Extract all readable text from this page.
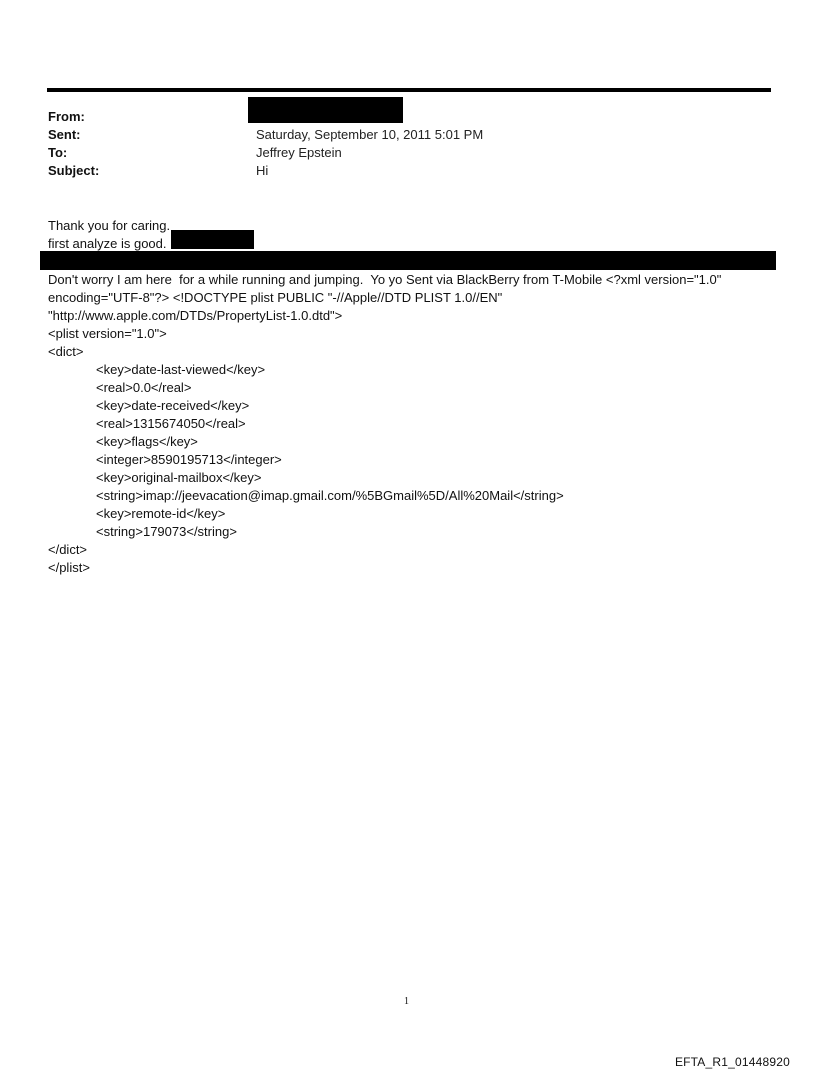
From:
Sent:	Saturday, September 10, 2011 5:01 PM
To:	Jeffrey Epstein
Subject:	Hi
Thank you for caring.
first analyze is good.
Don't worry I am here  for a while running and jumping.  Yo yo Sent via BlackBerry from T-Mobile <?xml version="1.0"
encoding="UTF-8"?> <!DOCTYPE plist PUBLIC "-//Apple//DTD PLIST 1.0//EN"
"http://www.apple.com/DTDs/PropertyList-1.0.dtd">
<plist version="1.0">
<dict>
<key>date-last-viewed</key>
<real>0.0</real>
<key>date-received</key>
<real>1315674050</real>
<key>flags</key>
<integer>8590195713</integer>
<key>original-mailbox</key>
<string>imap://jeevacation@imap.gmail.com/%5BGmail%5D/All%20Mail</string>
<key>remote-id</key>
<string>179073</string>
</dict>
</plist>
1
EFTA_R1_01448920
